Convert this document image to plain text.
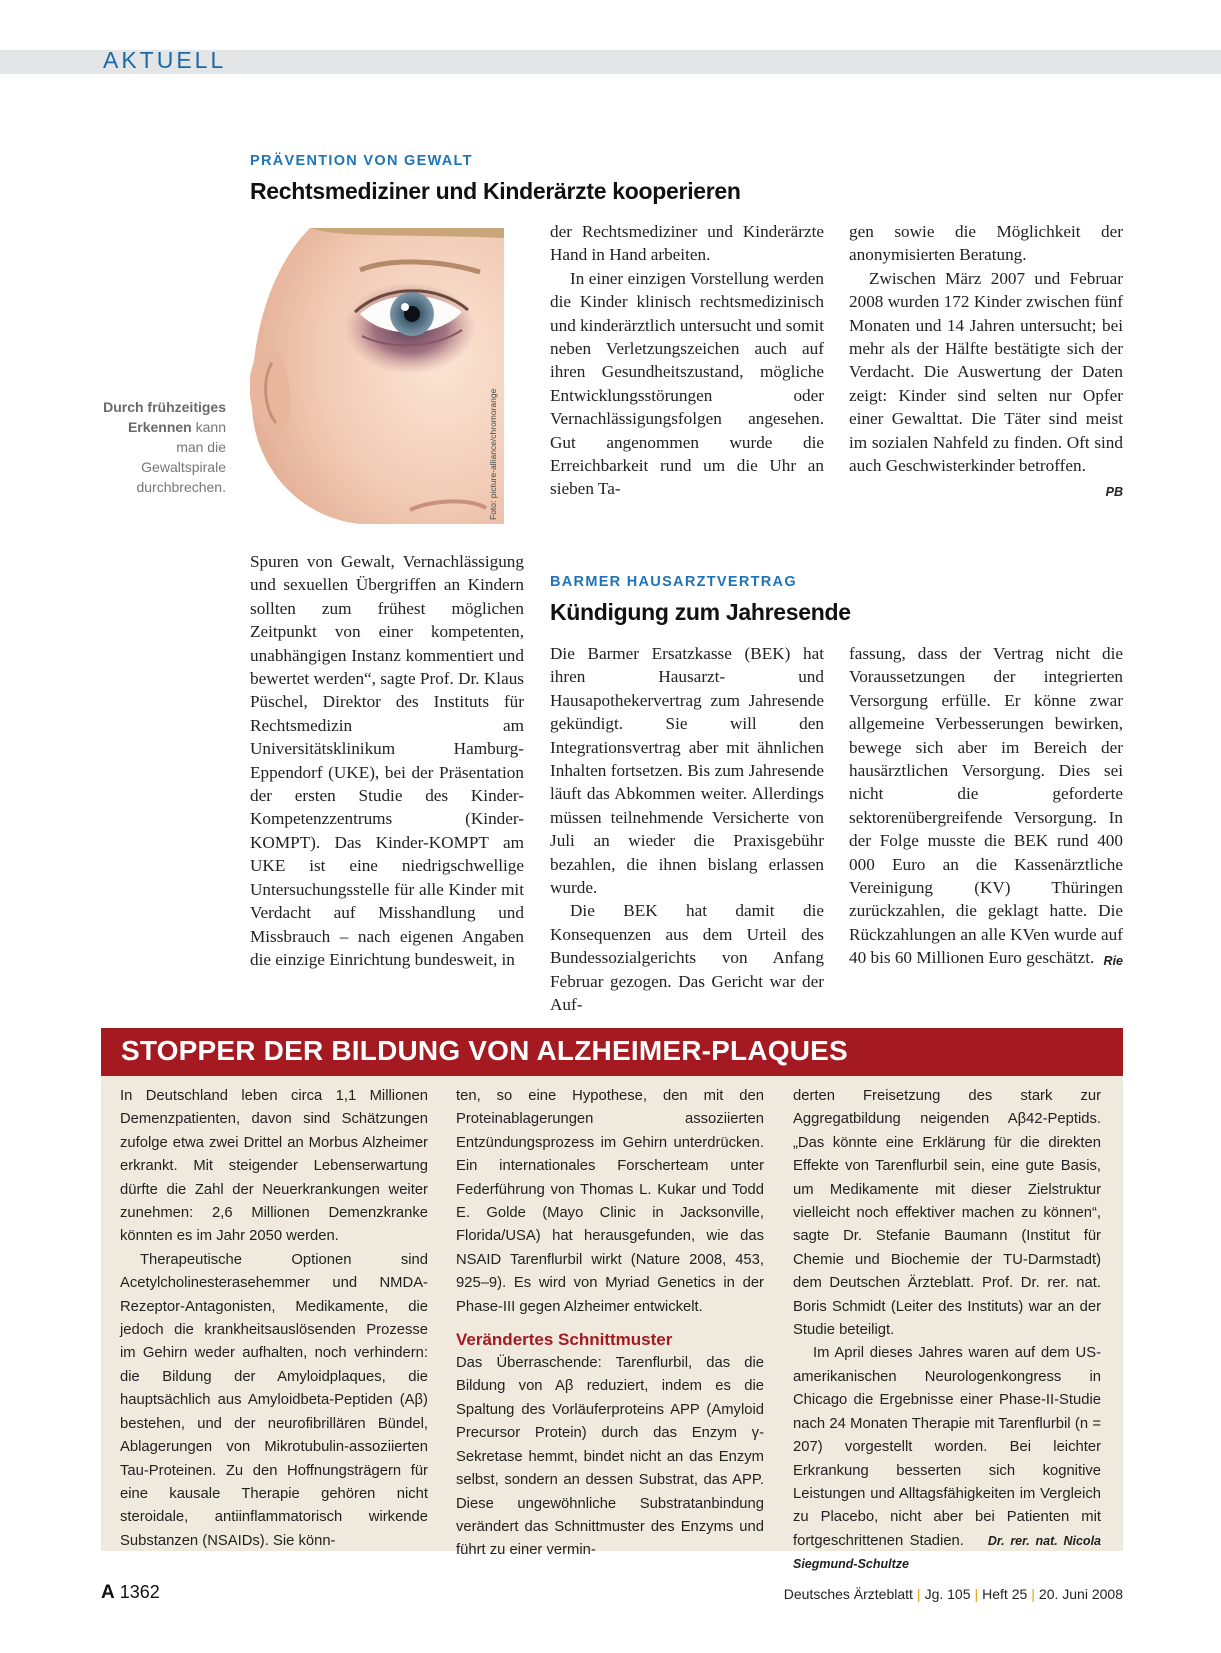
AKTUELL
PRÄVENTION VON GEWALT
Rechtsmediziner und Kinderärzte kooperieren
Durch frühzeitiges Erkennen kann man die Gewaltspirale durchbrechen.	Foto: picture-alliance/chromorange

der Rechtsmediziner und Kinderärzte Hand in Hand arbeiten.

In einer einzigen Vorstellung werden die Kinder klinisch rechtsmedizinisch und kinderärztlich untersucht und somit neben Verletzungszeichen auch auf ihren Gesundheitszustand, mögliche Entwicklungsstörungen oder Vernachlässigungsfolgen angesehen. Gut angenommen wurde die Erreichbarkeit rund um die Uhr an sieben Ta-

gen sowie die Möglichkeit der anonymisierten Beratung.

Zwischen März 2007 und Februar 2008 wurden 172 Kinder zwischen fünf Monaten und 14 Jahren untersucht; bei mehr als der Hälfte bestätigte sich der Verdacht. Die Auswertung der Daten zeigt: Kinder sind selten nur Opfer einer Gewalttat. Die Täter sind meist im sozialen Nahfeld zu finden. Oft sind auch Geschwisterkinder betroffen.
PB

Spuren von Gewalt, Vernachlässigung und sexuellen Übergriffen an Kindern sollten zum frühest möglichen Zeitpunkt von einer kompetenten, unabhängigen Instanz kommentiert und bewertet werden“, sagte Prof. Dr. Klaus Püschel, Direktor des Instituts für Rechtsmedizin am Universitätsklinikum Hamburg-Eppendorf (UKE), bei der Präsentation der ersten Studie des Kinder-Kompetenzzentrums (Kinder-KOMPT). Das Kinder-KOMPT am UKE ist eine niedrigschwellige Untersuchungsstelle für alle Kinder mit Verdacht auf Misshandlung und Missbrauch – nach eigenen Angaben die einzige Einrichtung bundesweit, in

BARMER HAUSARZTVERTRAG
Kündigung zum Jahresende

Die Barmer Ersatzkasse (BEK) hat ihren Hausarzt- und Hausapothekervertrag zum Jahresende gekündigt. Sie will den Integrationsvertrag aber mit ähnlichen Inhalten fortsetzen. Bis zum Jahresende läuft das Abkommen weiter. Allerdings müssen teilnehmende Versicherte von Juli an wieder die Praxisgebühr bezahlen, die ihnen bislang erlassen wurde.

Die BEK hat damit die Konsequenzen aus dem Urteil des Bundessozialgerichts von Anfang Februar gezogen. Das Gericht war der Auf-

fassung, dass der Vertrag nicht die Voraussetzungen der integrierten Versorgung erfülle. Er könne zwar allgemeine Verbesserungen bewirken, bewege sich aber im Bereich der hausärztlichen Versorgung. Dies sei nicht die geforderte sektorenübergreifende Versorgung. In der Folge musste die BEK rund 400 000 Euro an die Kassenärztliche Vereinigung (KV) Thüringen zurückzahlen, die geklagt hatte. Die Rückzahlungen an alle KVen wurde auf 40 bis 60 Millionen Euro geschätzt. Rie

STOPPER DER BILDUNG VON ALZHEIMER-PLAQUES

In Deutschland leben circa 1,1 Millionen Demenzpatienten, davon sind Schätzungen zufolge etwa zwei Drittel an Morbus Alzheimer erkrankt. Mit steigender Lebenserwartung dürfte die Zahl der Neuerkrankungen weiter zunehmen: 2,6 Millionen Demenzkranke könnten es im Jahr 2050 werden.

Therapeutische Optionen sind Acetylcholinesterasehemmer und NMDA-Rezeptor-Antagonisten, Medikamente, die jedoch die krankheitsauslösenden Prozesse im Gehirn weder aufhalten, noch verhindern: die Bildung der Amyloidplaques, die hauptsächlich aus Amyloidbeta-Peptiden (Aβ) bestehen, und der neurofibrillären Bündel, Ablagerungen von Mikrotubulin-assoziierten Tau-Proteinen. Zu den Hoffnungsträgern für eine kausale Therapie gehören nicht steroidale, antiinflammatorisch wirkende Substanzen (NSAIDs). Sie könn-

ten, so eine Hypothese, den mit den Proteinablagerungen assoziierten Entzündungsprozess im Gehirn unterdrücken. Ein internationales Forscherteam unter Federführung von Thomas L. Kukar und Todd E. Golde (Mayo Clinic in Jacksonville, Florida/USA) hat herausgefunden, wie das NSAID Tarenflurbil wirkt (Nature 2008, 453, 925–9). Es wird von Myriad Genetics in der Phase-III gegen Alzheimer entwickelt.

Verändertes Schnittmuster

Das Überraschende: Tarenflurbil, das die Bildung von Aβ reduziert, indem es die Spaltung des Vorläuferproteins APP (Amyloid Precursor Protein) durch das Enzym γ-Sekretase hemmt, bindet nicht an das Enzym selbst, sondern an dessen Substrat, das APP. Diese ungewöhnliche Substratanbindung verändert das Schnittmuster des Enzyms und führt zu einer vermin-

derten Freisetzung des stark zur Aggregatbildung neigenden Aβ42-Peptids. „Das könnte eine Erklärung für die direkten Effekte von Tarenflurbil sein, eine gute Basis, um Medikamente mit dieser Zielstruktur vielleicht noch effektiver machen zu können“, sagte Dr. Stefanie Baumann (Institut für Chemie und Biochemie der TU-Darmstadt) dem Deutschen Ärzteblatt. Prof. Dr. rer. nat. Boris Schmidt (Leiter des Instituts) war an der Studie beteiligt.

Im April dieses Jahres waren auf dem US-amerikanischen Neurologenkongress in Chicago die Ergebnisse einer Phase-II-Studie nach 24 Monaten Therapie mit Tarenflurbil (n = 207) vorgestellt worden. Bei leichter Erkrankung besserten sich kognitive Leistungen und Alltagsfähigkeiten im Vergleich zu Placebo, nicht aber bei Patienten mit fortgeschrittenen Stadien. Dr. rer. nat. Nicola Siegmund-Schultze

A 1362	Deutsches Ärzteblatt | Jg. 105 | Heft 25 | 20. Juni 2008
